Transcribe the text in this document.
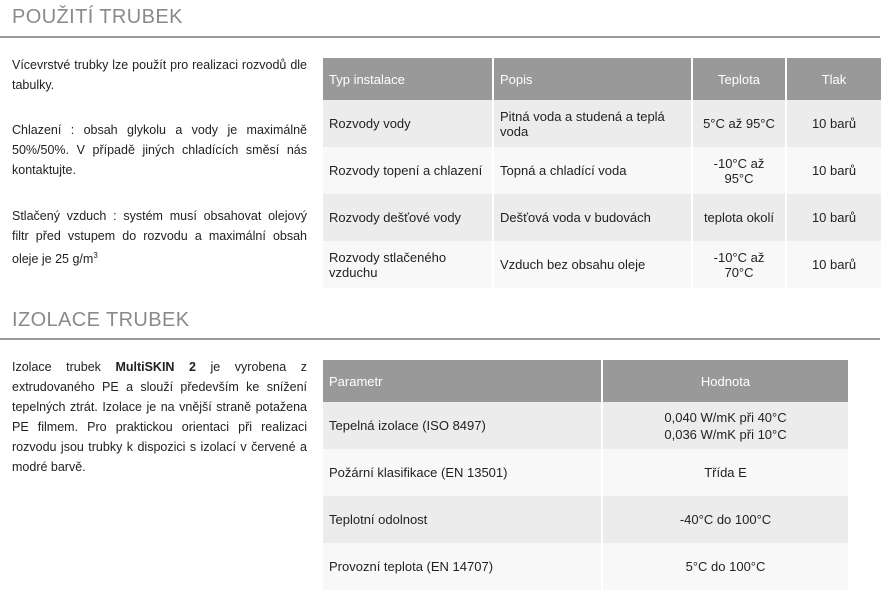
POUŽITÍ TRUBEK

Vícevrstvé trubky lze použít pro realizaci rozvodů dle tabulky.

Chlazení : obsah glykolu a vody je maximálně 50%/50%. V případě jiných chladících směsí nás kontaktujte.

Stlačený vzduch : systém musí obsahovat olejový filtr před vstupem do rozvodu a maximální obsah oleje je 25 $g/m^3$

Typ instalace	Popis	Teplota	Tlak
Rozvody vody	Pitná voda a studená a teplá voda	5°C až 95°C	10 barů
Rozvody topení a chlazení	Topná a chladící voda	-10°C až 95°C	10 barů
Rozvody dešťové vody	Dešťová voda v budovách	teplota okolí	10 barů
Rozvody stlačeného vzduchu	Vzduch bez obsahu oleje	-10°C až 70°C	10 barů
IZOLACE TRUBEK

Izolace trubek MultiSKIN 2 je vyrobena z extrudovaného PE a slouží především ke snížení tepelných ztrát. Izolace je na vnější straně potažena PE filmem. Pro praktickou orientaci při realizaci rozvodu jsou trubky k dispozici s izolací v červené a modré barvě.

Parametr	Hodnota
Tepelná izolace (ISO 8497)	0,040 W/mK při 40°C
0,036 W/mK při 10°C

Požární klasifikace (EN 13501)	Třída E
Teplotní odolnost	-40°C do 100°C
Provozní teplota (EN 14707)	5°C do 100°C
